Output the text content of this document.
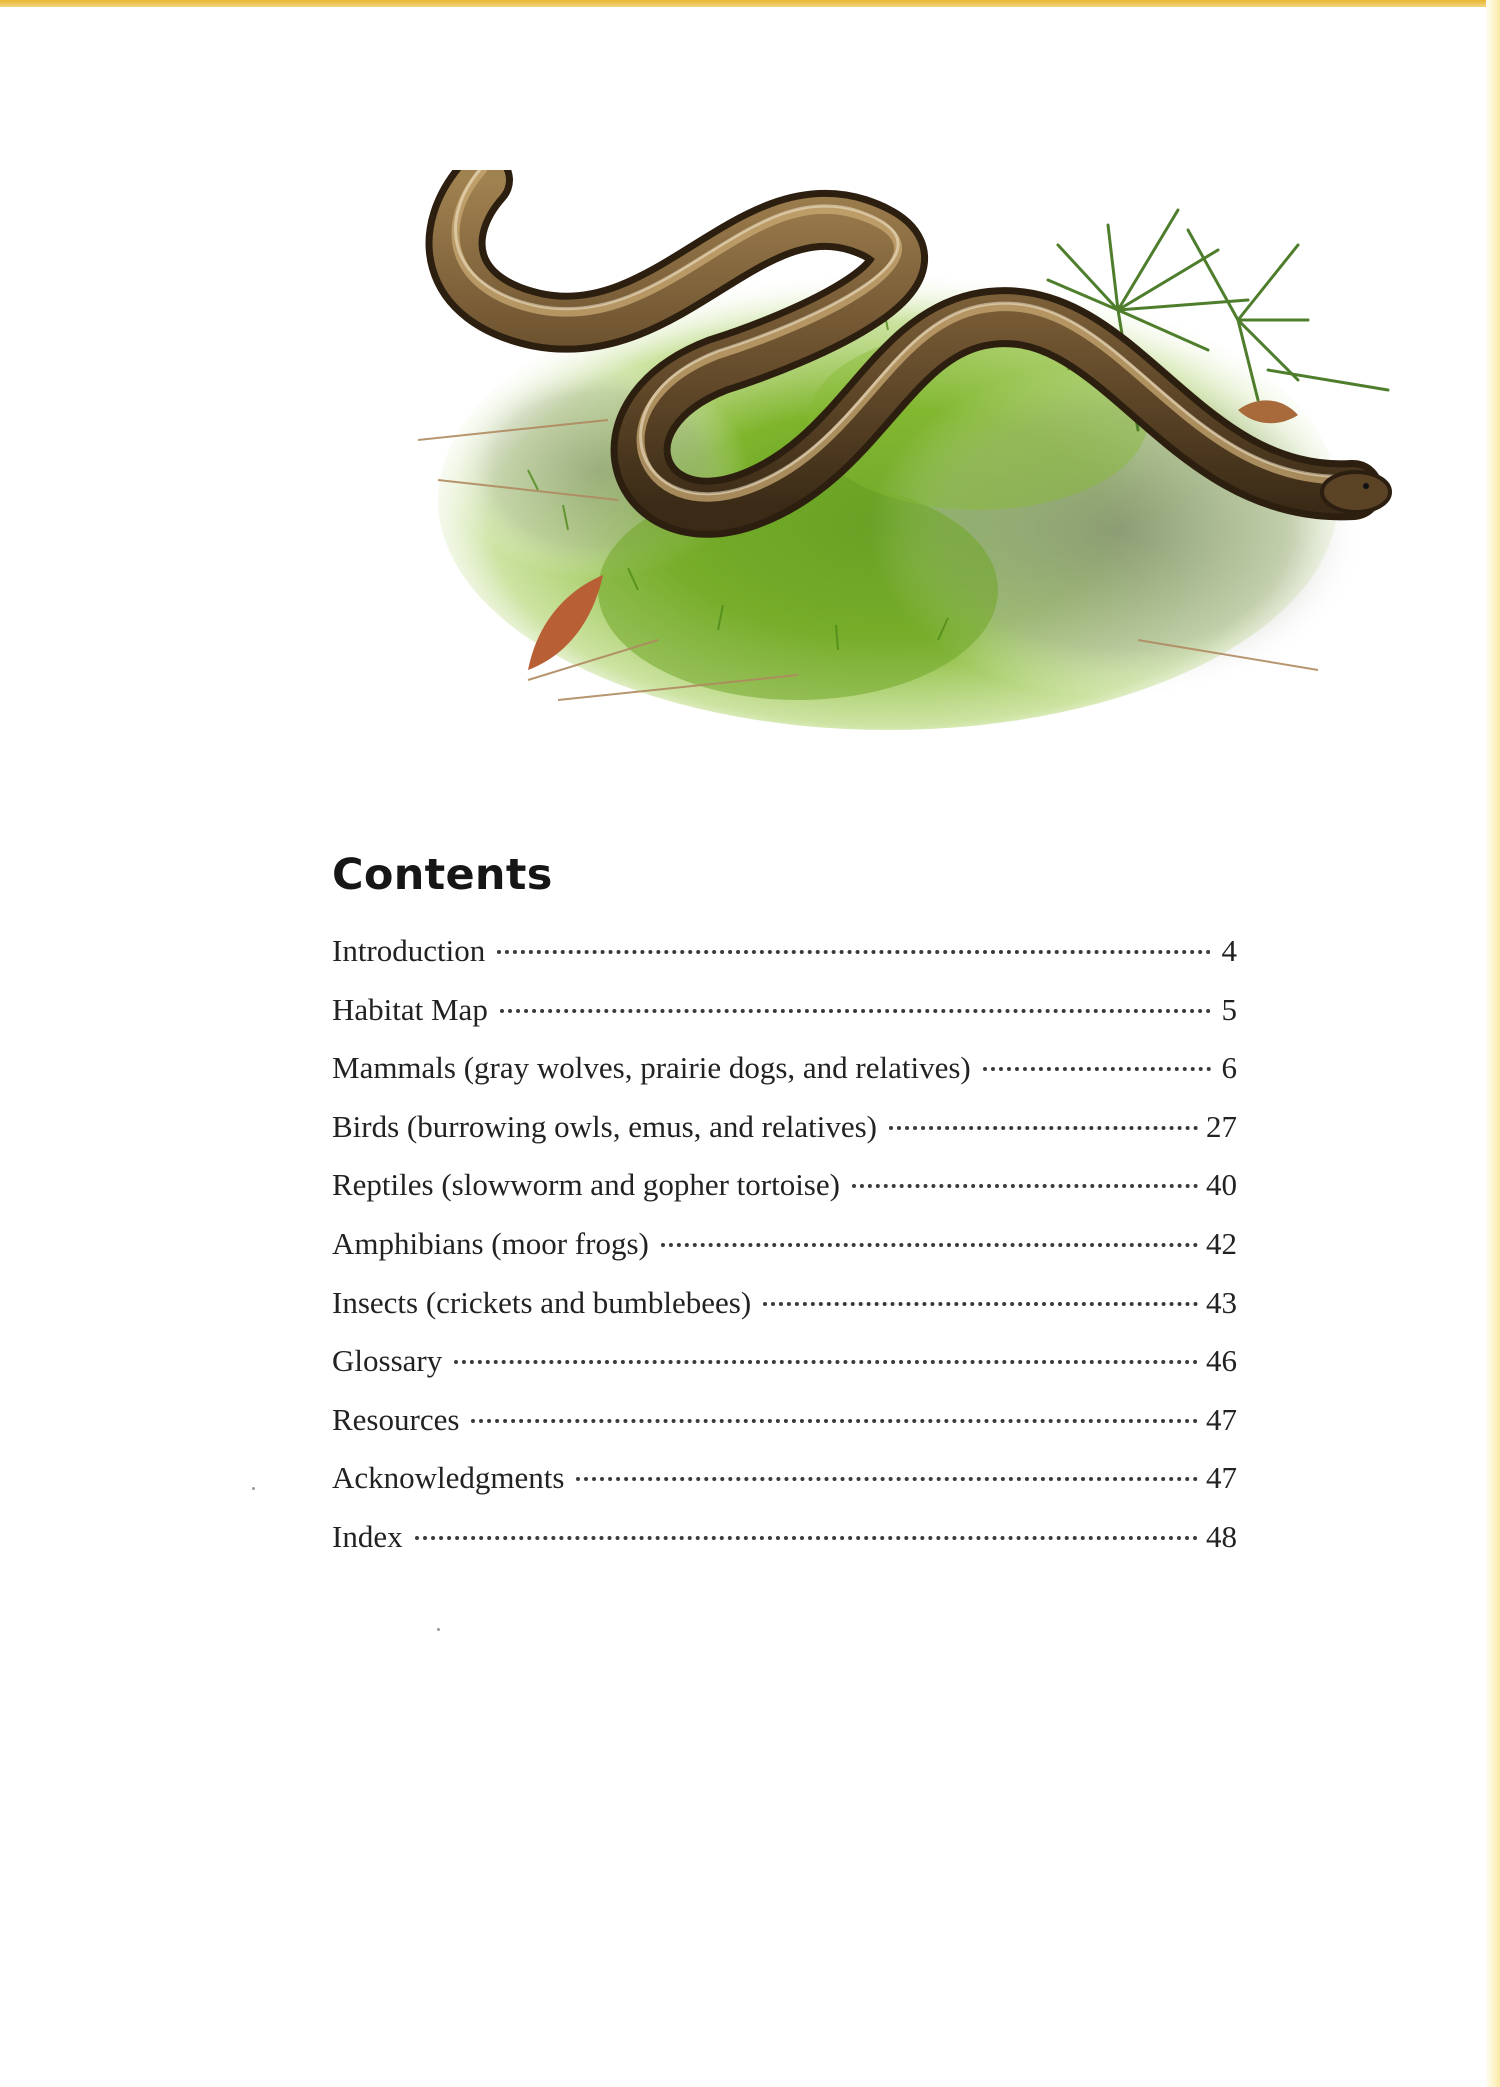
Contents
Introduction	4
Habitat Map	5
Mammals (gray wolves, prairie dogs, and relatives)	6
Birds (burrowing owls, emus, and relatives)	27
Reptiles (slowworm and gopher tortoise)	40
Amphibians (moor frogs)	42
Insects (crickets and bumblebees)	43
Glossary	46
Resources	47
Acknowledgments	47
Index	48
